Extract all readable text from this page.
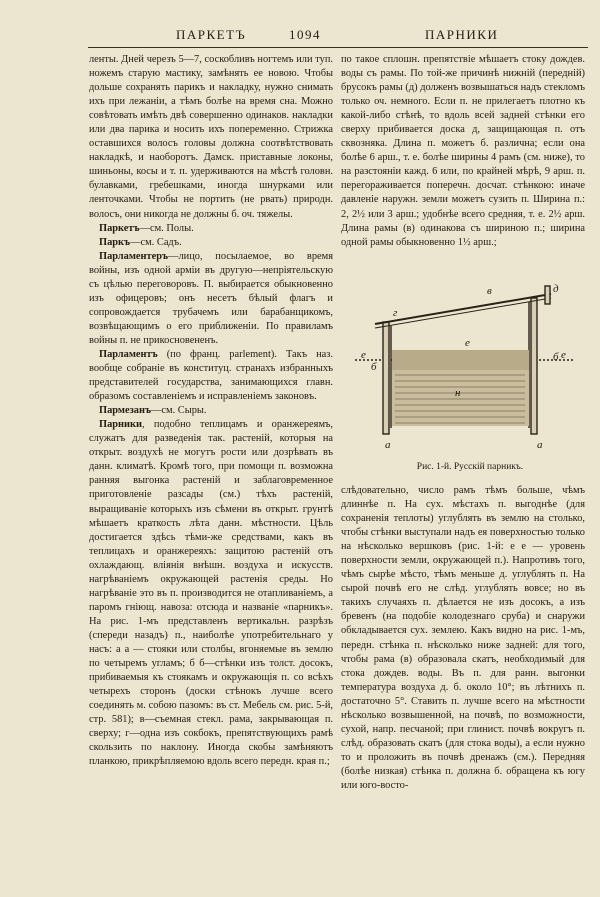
ПАРКЕТЪ	1094	ПАРНИКИ

ленты. Дней черезъ 5—7, соскобливъ ногтемъ или туп. ножемъ старую мастику, замѣнять ее новою. Чтобы дольше сохранять парикъ и накладку, нужно снимать ихъ при лежаніи, а тѣмъ болѣе на время сна. Можно совѣтовать имѣть двѣ совершенно одинаков. накладки или два парика и носить ихъ попеременно. Стрижка оставшихся волосъ головы должна соотвѣтствовать накладкѣ, и наоборотъ. Дамск. приставные локоны, шиньоны, косы и т. п. удерживаются на мѣстѣ головн. булавками, гребешками, иногда шнурками или ленточками. Чтобы не портить (не рвать) природн. волосъ, они никогда не должны б. оч. тяжелы.

Паркетъ—см. Полы.

Паркъ—см. Садъ.

Парламентеръ—лицо, посылаемое, во время войны, изъ одной арміи въ другую—непріятельскую съ цѣлью переговоровъ. П. выбирается обыкновенно изъ офицеровъ; онъ несетъ бѣлый флагъ и сопровождается трубачемъ или барабанщикомъ, возвѣщающимъ о его приближеніи. По правиламъ войны п. не прикосновененъ.

Парламентъ (по франц. parlement). Такъ наз. вообще собраніе въ конституц. странахъ избранныхъ представителей государства, занимающихся главн. образомъ составленіемъ и исправленіемъ законовъ.

Пармезанъ—см. Сыры.

Парники, подобно теплицамъ и оранжереямъ, служатъ для разведенія так. растеній, которыя на открыт. воздухѣ не могутъ рости или дозрѣвать въ данн. климатѣ. Кромѣ того, при помощи п. возможна ранняя выгонка растеній и заблаговременное приготовленіе разсады (см.) тѣхъ растеній, выращиваніе которыхъ изъ сѣмени въ открыт. грунтѣ мѣшаетъ краткость лѣта данн. мѣстности. Цѣль достигается здѣсь тѣми-же средствами, какъ въ теплицахъ и оранжереяхъ: защитою растеній отъ охлаждающ. вліянія внѣшн. воздуха и искусств. нагрѣваніемъ окружающей растенія среды. Но нагрѣваніе это въ п. производится не отапливаніемъ, а паромъ гніющ. навоза: отсюда и названіе «парникъ». На рис. 1-мъ представленъ вертикальн. разрѣзъ (спереди назадъ) п., наиболѣе употребительнаго у насъ: а а — стояки или столбы, вгоняемые въ землю по четыремъ угламъ; б б—стѣнки изъ толст. досокъ, прибиваемыя къ стоякамъ и окружающія п. со всѣхъ четырехъ сторонъ (доски стѣнокъ лучше всего соединять м. собою пазомъ: въ ст. Мебель см. рис. 5-й, стр. 581); в—съемная стекл. рама, закрывающая п. сверху; г—одна изъ сокбокъ, препятствующихъ рамѣ скользить по наклону. Иногда скобы замѣняютъ планкою, прикрѣпляемою вдоль всего передн. края п.;

по такое сплошн. препятствіе мѣшаетъ стоку дождев. воды съ рамы. По той-же причинѣ нижній (передній) брусокъ рамы (д) долженъ возвышаться надъ стекломъ только оч. немного. Если п. не прилегаетъ плотно къ какой-либо стѣнѣ, то вдоль всей задней стѣнки его сверху прибивается доска д, защищающая п. отъ сквозняка. Длина п. можетъ б. различна; если она болѣе 6 арш., т. е. болѣе ширины 4 рамъ (см. ниже), то на разстояніи кажд. 6 или, по крайней мѣрѣ, 9 арш. п. перегораживается поперечн. досчат. стѣнкою: иначе давленіе наружн. земли можетъ сузить п. Ширина п.: 2, 2½ или 3 арш.; удобнѣе всего средняя, т. е. 2½ арш. Длина рамы (в) одинакова съ шириною п.; ширина одной рамы обыкновенно 1½ арш.;

а	а
б
б
в
г
д
е	е
е
н
Рис. 1-й. Русскій парникъ.

слѣдовательно, число рамъ тѣмъ больше, чѣмъ длиннѣе п. На сух. мѣстахъ п. выгоднѣе (для сохраненія теплоты) углублять въ землю на столько, чтобы стѣнки выступали надъ ея поверхностью только на нѣсколько вершковъ (рис. 1-й: е е — уровень поверхности земли, окружающей п.). Напротивъ того, чѣмъ сырѣе мѣсто, тѣмъ меньше д. углублять п. На сырой почвѣ его не слѣд. углублять вовсе; но въ такихъ случаяхъ п. дѣлается не изъ досокъ, а изъ бревенъ (на подобіе колодезнаго сруба) и снаружи обкладывается сух. землею. Какъ видно на рис. 1-мъ, передн. стѣнка п. нѣсколько ниже задней: для того, чтобы рама (в) образовала скатъ, необходимый для стока дождев. воды. Въ п. для ранн. выгонки температура воздуха д. б. около 10°; въ лѣтнихъ п. достаточно 5°. Ставить п. лучше всего на мѣстности нѣсколько возвышенной, на почвѣ, по возможности, сухой, напр. песчаной; при глинист. почвѣ вокругъ п. слѣд. образовать скатъ (для стока воды), а если нужно то и проложить въ почвѣ дренажъ (см.). Передняя (болѣе низкая) стѣнка п. должна б. обращена къ югу или юго-восто-
